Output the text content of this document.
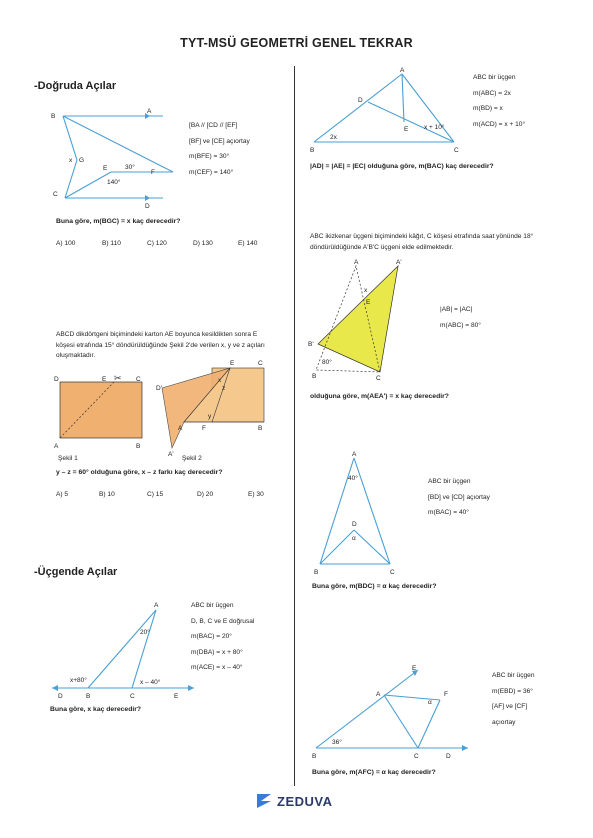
TYT-MSÜ GEOMETRİ GENEL TEKRAR
-Doğruda Açılar
B
A
G
x
C
D
E
F
30°
140°
[BA // [CD // [EF]
[BF] ve [CE] açıortay
m(BFE) = 30°
m(CEF) = 140°
Buna göre, m(BGC) = x kaç derecedir?
A) 100	B) 110	C) 120	D) 130	E) 140
ABCD dikdörtgeni biçimindeki karton AE boyunca kesildikten sonra E köşesi etrafında 15° döndürüldüğünde Şekil 2'de verilen x, y ve z açıları oluşmaktadır.
✂
D	E	C
A	B
E	C
D'
A	F	B
A'
x
z
y
Şekil 1	Şekil 2
y – z = 60° olduğuna göre, x – z farkı kaç derecedir?
A) 5	B) 10	C) 15	D) 20	E) 30
-Üçgende Açılar
A
D	B	C	E
20°
x+80°	x – 40°
ABC bir üçgen
D, B, C ve E doğrusal
m(BAC) = 20°
m(DBA) = x + 80°
m(ACE) = x – 40°
Buna göre, x kaç derecedir?
A
D
E
B	C
2x
x + 10°
ABC bir üçgen
m(ABC) = 2x
m(BD) = x
m(ACD) = x + 10°
|AD| = |AE| = |EC| olduğuna göre, m(BAC) kaç derecedir?
ABC ikizkenar üçgeni biçimindeki kâğıt, C köşesi etrafında saat yönünde 18° döndürüldüğünde A'B'C üçgeni elde edilmektedir.
A	A'
x
E
B'
80°
B	C
|AB| = |AC|
m(ABC) = 80°
olduğuna göre, m(AEA') = x kaç derecedir?
A
40°
D
α
B	C
ABC bir üçgen
[BD] ve [CD] açıortay
m(BAC) = 40°
Buna göre, m(BDC) = α kaç derecedir?
E
A	F
α
36°
B	C	D
ABC bir üçgen
m(EBD) = 36°
[AF] ve [CF]
açıortay
Buna göre, m(AFC) = α kaç derecedir?
ZEDUVA
